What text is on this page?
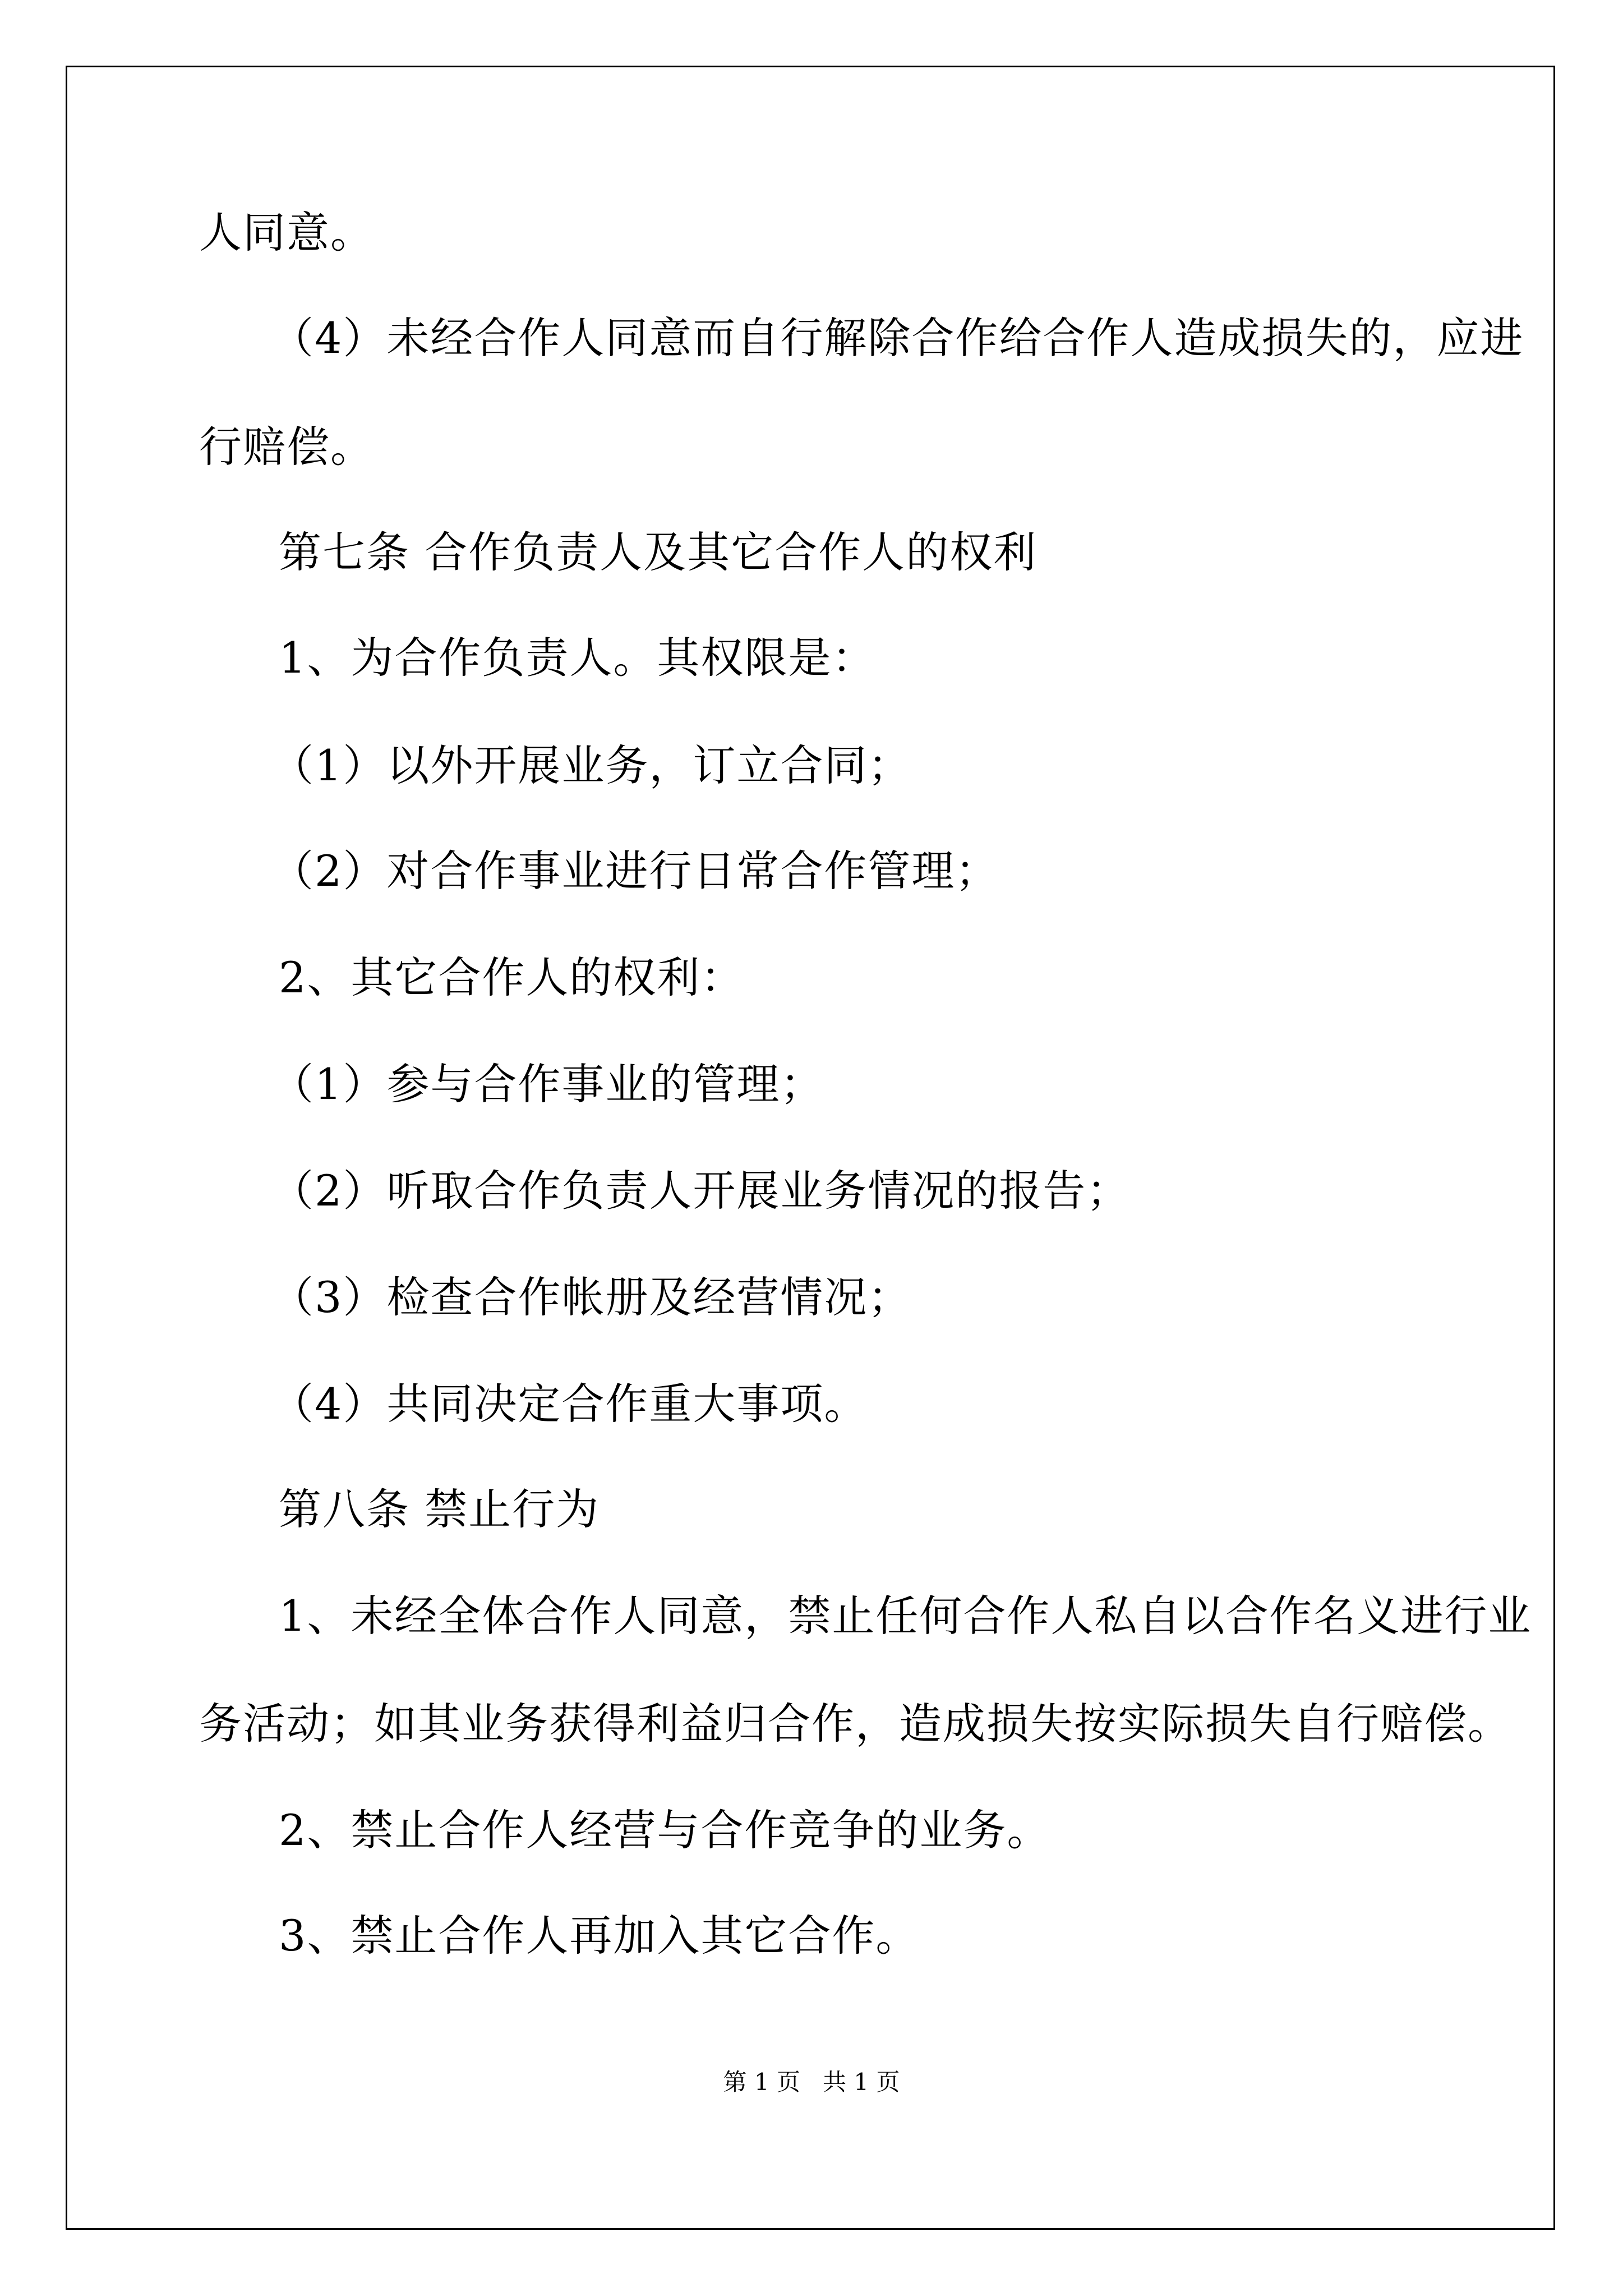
人同意。
（4）未经合作人同意而自行解除合作给合作人造成损失的，应进
行赔偿。
第七条 合作负责人及其它合作人的权利
1、为合作负责人。其权限是：
（1）以外开展业务，订立合同；
（2）对合作事业进行日常合作管理；
2、其它合作人的权利：
（1）参与合作事业的管理；
（2）听取合作负责人开展业务情况的报告；
（3）检查合作帐册及经营情况；
（4）共同决定合作重大事项。
第八条 禁止行为
1、未经全体合作人同意，禁止任何合作人私自以合作名义进行业
务活动；如其业务获得利益归合作，造成损失按实际损失自行赔偿。
2、禁止合作人经营与合作竞争的业务。
3、禁止合作人再加入其它合作。
第 1 页   共 1 页
